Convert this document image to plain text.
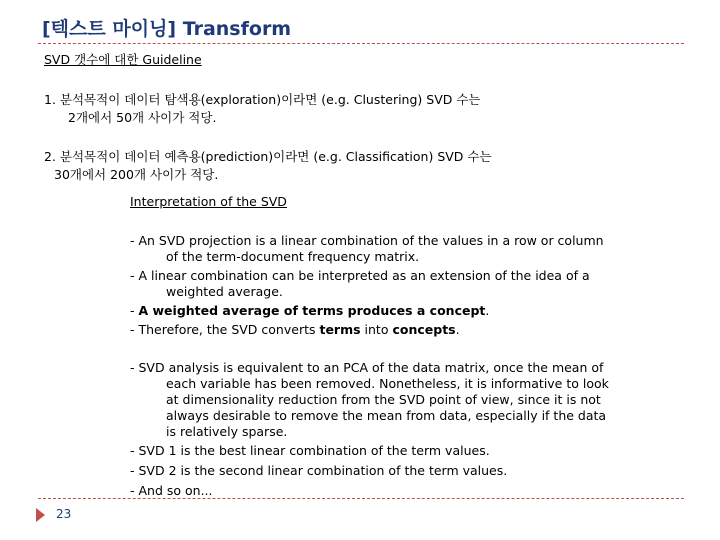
[텍스트 마이닝] Transform
SVD 갯수에 대한 Guideline
1. 분석목적이 데이터 탐색용(exploration)이라면 (e.g. Clustering) SVD 수는
2개에서 50개 사이가 적당.
2. 분석목적이 데이터 예측용(prediction)이라면 (e.g. Classification) SVD 수는
30개에서 200개 사이가 적당.
Interpretation of the SVD
- An SVD projection is a linear combination of the values in a row or column
of the term-document frequency matrix.
- A linear combination can be interpreted as an extension of the idea of a
weighted average.
- A weighted average of terms produces a concept.
- Therefore, the SVD converts terms into concepts.
- SVD analysis is equivalent to an PCA of the data matrix, once the mean of
each variable has been removed. Nonetheless, it is informative to look
at dimensionality reduction from the SVD point of view, since it is not
always desirable to remove the mean from data, especially if the data
is relatively sparse.
- SVD 1 is the best linear combination of the term values.
- SVD 2 is the second linear combination of the term values.
- And so on...
23
